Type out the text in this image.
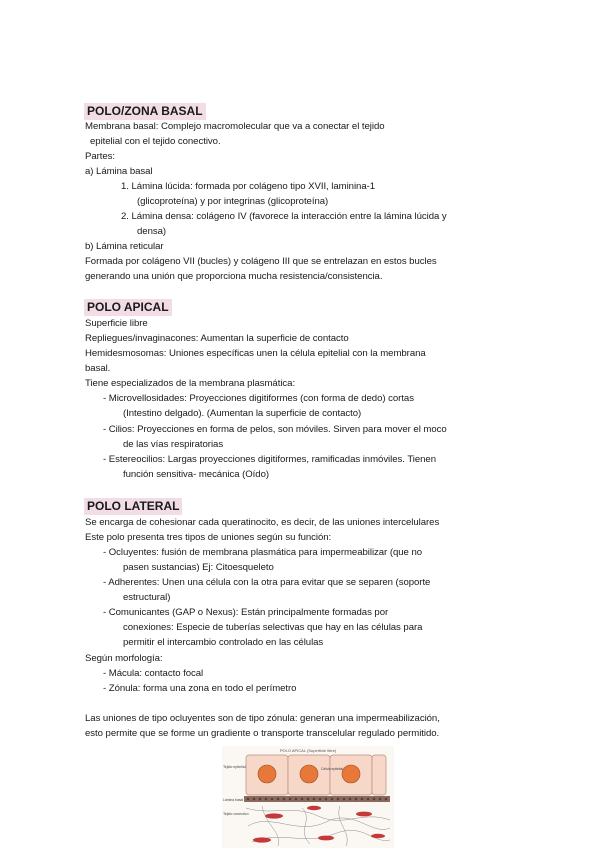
POLO/ZONA BASAL
Membrana basal: Complejo macromolecular que va a conectar el tejido
epitelial con el tejido conectivo.
Partes:
a) Lámina basal
1. Lámina lúcida: formada por colágeno tipo XVII, laminina-1
(glicoproteína) y por integrinas (glicoproteína)
2. Lámina densa: colágeno IV (favorece la interacción entre la lámina lúcida y
densa)
b) Lámina reticular
Formada por colágeno VII (bucles) y colágeno III que se entrelazan en estos bucles
generando una unión que proporciona mucha resistencia/consistencia.
POLO APICAL
Superficie libre
Repliegues/invaginacones: Aumentan la superficie de contacto
Hemidesmosomas: Uniones específicas unen la célula epitelial con la membrana
basal.
Tiene especializados de la membrana plasmática:
- Microvellosidades: Proyecciones digitiformes (con forma de dedo) cortas
(Intestino delgado). (Aumentan la superficie de contacto)
- Cilios: Proyecciones en forma de pelos, son móviles. Sirven para mover el moco
de las vías respiratorias
- Estereocilios: Largas proyecciones digitiformes, ramificadas inmóviles. Tienen
función sensitiva- mecánica (Oído)
POLO LATERAL
Se encarga de cohesionar cada queratinocito, es decir, de las uniones intercelulares
Este polo presenta tres tipos de uniones según su función:
- Ocluyentes: fusión de membrana plasmática para impermeabilizar (que no
pasen sustancias) Ej: Citoesqueleto
- Adherentes: Unen una célula con la otra para evitar que se separen (soporte
estructural)
- Comunicantes (GAP o Nexus): Están principalmente formadas por
conexiones: Especie de tuberías selectivas que hay en las células para
permitir el intercambio controlado en las células
Según morfología:
- Mácula: contacto focal
- Zónula: forma una zona en todo el perímetro
Las uniones de tipo ocluyentes son de tipo zónula: generan una impermeabilización,
esto permite que se forme un gradiente o transporte transcelular regulado permitido.
POLO APICAL (Superficie libre)
Tejido epitelial	Célula epitelial
Lámina basal
Tejido conectivo
